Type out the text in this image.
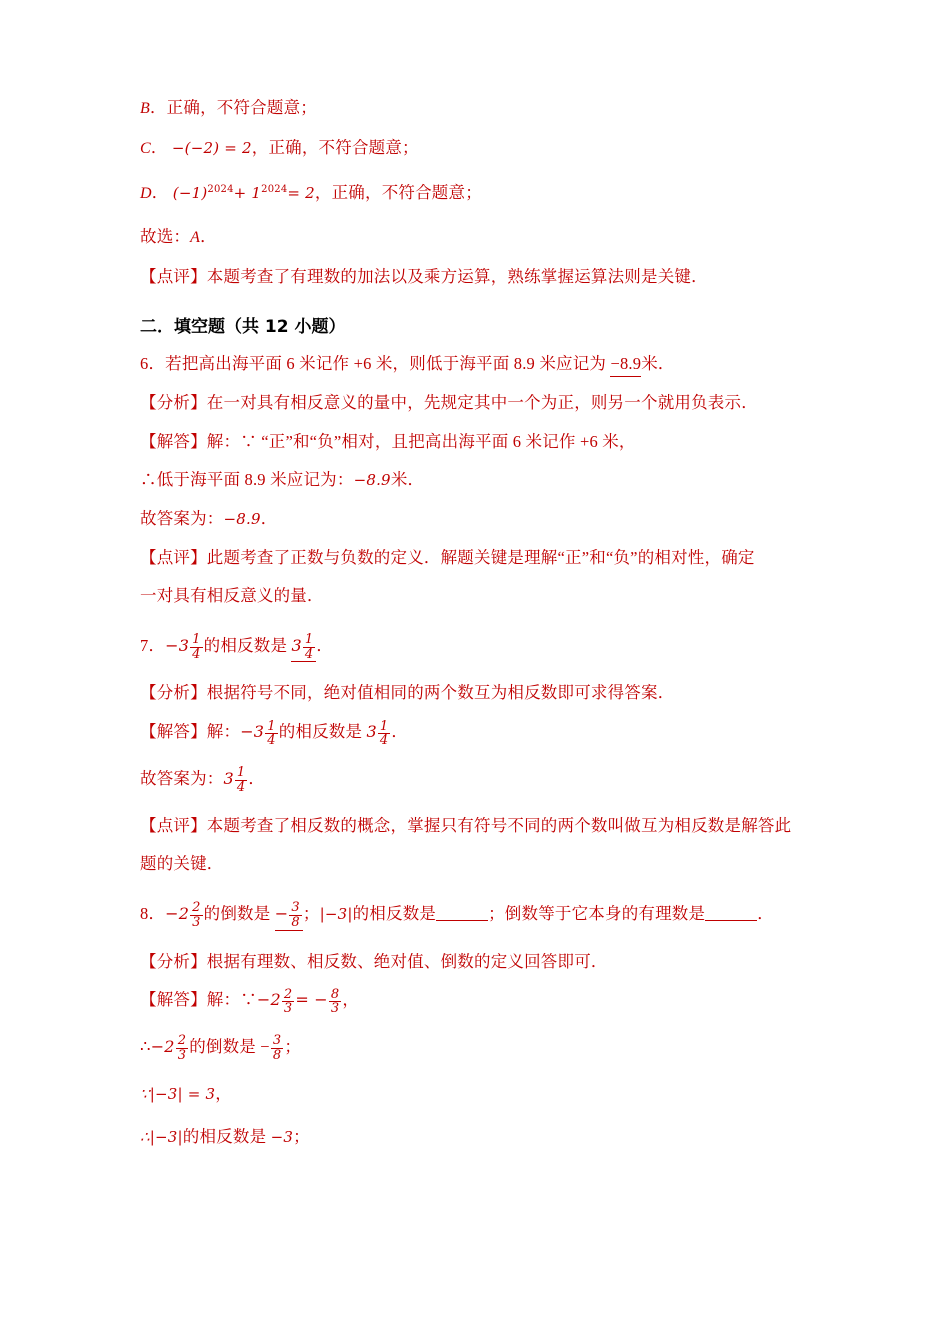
B．正确，不符合题意；

C． −(−2) = 2，正确，不符合题意；

D． $(-1)^{2024}+ 1^{2024}= 2$，正确，不符合题意；

故选：A．

【点评】本题考查了有理数的加法以及乘方运算，熟练掌握运算法则是关键．

二．填空题（共 12 小题）

6．若把高出海平面 6 米记作 +6 米，则低于海平面 8.9 米应记为 −8.9米．

【分析】在一对具有相反意义的量中，先规定其中一个为正，则另一个就用负表示．

【解答】解：∵ “正”和“负”相对，且把高出海平面 6 米记作 +6 米，

∴低于海平面 8.9 米应记为：−8.9米．

故答案为：−8.9．

【点评】此题考查了正数与负数的定义．解题关键是理解“正”和“负”的相对性，确定

一对具有相反意义的量．

7．$-3 \frac{1}{4}$ 的相反数是 $3 \frac{1}{4}$ ．

【分析】根据符号不同，绝对值相同的两个数互为相反数即可求得答案．

【解答】解：$-3 \frac{1}{4}$ 的相反数是 $3 \frac{1}{4}$ ．

故答案为：$3 \frac{1}{4}$ ．

【点评】本题考查了相反数的概念，掌握只有符号不同的两个数叫做互为相反数是解答此

题的关键．

8．$-2 \frac{2}{3}$ 的倒数是 − $\frac{3}{8}$ ；|−3|的相反数是	；倒数等于它本身的有理数是	．

【分析】根据有理数、相反数、绝对值、倒数的定义回答即可．

【解答】解：∵−2 $\frac{2}{3}$ = − $\frac{8}{3}$ ，

∴−2 $\frac{2}{3}$ 的倒数是 − $\frac{3}{8}$ ；

∵|−3| = 3，

∴|−3|的相反数是 −3；
